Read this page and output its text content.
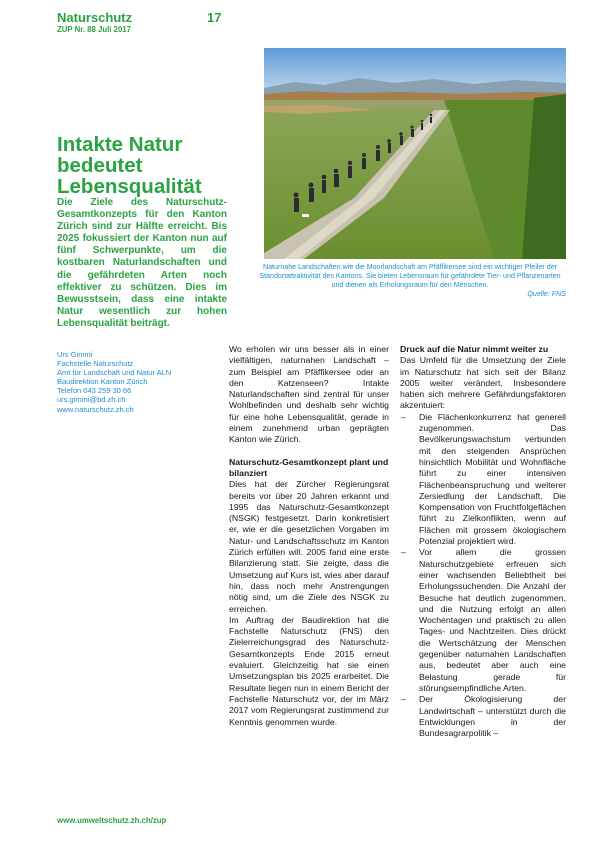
Naturschutz
ZUP Nr. 88 Juli 2017
17
Naturnahe Landschaften wie die Moorlandschaft am Pfäffikersee sind ein wichtiger Pfeiler der Standortattraktivität des Kantons. Sie bieten Lebensraum für gefährdete Tier- und Pflanzenarten und dienen als Erholungsraum für den Menschen.
Quelle: FNS
Intakte Natur bedeutet Lebensqualität
Die Ziele des Naturschutz-Gesamtkonzepts für den Kanton Zürich sind zur Hälfte erreicht. Bis 2025 fokussiert der Kanton nun auf fünf Schwerpunkte, um die kostbaren Naturlandschaften und die gefährdeten Arten noch effektiver zu schützen. Dies im Bewusstsein, dass eine intakte Natur wesentlich zur hohen Lebensqualität beiträgt.
Urs Gimmi
Fachstelle Naturschutz
Amt für Landschaft und Natur ALN
Baudirektion Kanton Zürich
Telefon 043 259 30 66
urs.gimmi@bd.zh.ch
www.naturschutz.zh.ch

Wo erholen wir uns besser als in einer vielfältigen, naturnahen Landschaft – zum Beispiel am Pfäffikersee oder an den Katzenseen? Intakte Naturlandschaften sind zentral für unser Wohlbefinden und deshalb sehr wichtig für eine hohe Lebensqualität, gerade in einem zunehmend urban geprägten Kanton wie Zürich.

Naturschutz-Gesamtkonzept plant und bilanziert

Dies hat der Zürcher Regierungsrat bereits vor über 20 Jahren erkannt und 1995 das Naturschutz-Gesamtkonzept (NSGK) festgesetzt. Darin konkretisiert er, wie er die gesetzlichen Vorgaben im Natur- und Landschaftsschutz im Kanton Zürich erfüllen will. 2005 fand eine erste Bilanzierung statt. Sie zeigte, dass die Umsetzung auf Kurs ist, wies aber darauf hin, dass noch mehr Anstrengungen nötig sind, um die Ziele des NSGK zu erreichen.

Im Auftrag der Baudirektion hat die Fachstelle Naturschutz (FNS) den Zielerreichungsgrad des Naturschutz-Gesamtkonzepts Ende 2015 erneut evaluiert. Gleichzeitig hat sie einen Umsetzungsplan bis 2025 erarbeitet. Die Resultate liegen nun in einem Bericht der Fachstelle Naturschutz vor, der im März 2017 vom Regierungsrat zustimmend zur Kenntnis genommen wurde.

Druck auf die Natur nimmt weiter zu

Das Umfeld für die Umsetzung der Ziele im Naturschutz hat sich seit der Bilanz 2005 weiter verändert. Insbesondere haben sich mehrere Gefährdungsfaktoren akzentuiert:

– Die Flächenkonkurrenz hat generell zugenommen. Das Bevölkerungswachstum verbunden mit den steigenden Ansprüchen hinsichtlich Mobilität und Wohnfläche führt zu einer intensiven Flächenbeanspruchung und weiterer Zersiedlung der Landschaft. Die Kompensation von Fruchtfolgeflächen führt zu Zielkonflikten, wenn auf Flächen mit grossem ökologischem Potenzial projektiert wird.
– Vor allem die grossen Naturschutzgebiete erfreuen sich einer wachsenden Beliebtheit bei Erholungssuchenden. Die Anzahl der Besuche hat deutlich zugenommen, und die Nutzung erfolgt an allen Wochentagen und praktisch zu allen Tages- und Nachtzeiten. Dies drückt die Wertschätzung der Menschen gegenüber naturnahen Landschaften aus, bedeutet aber auch eine Belastung gerade für störungsempfindliche Arten.
– Der Ökologisierung der Landwirtschaft – unterstützt durch die Entwicklungen in der Bundesagrarpolitik –
www.umweltschutz.zh.ch/zup
